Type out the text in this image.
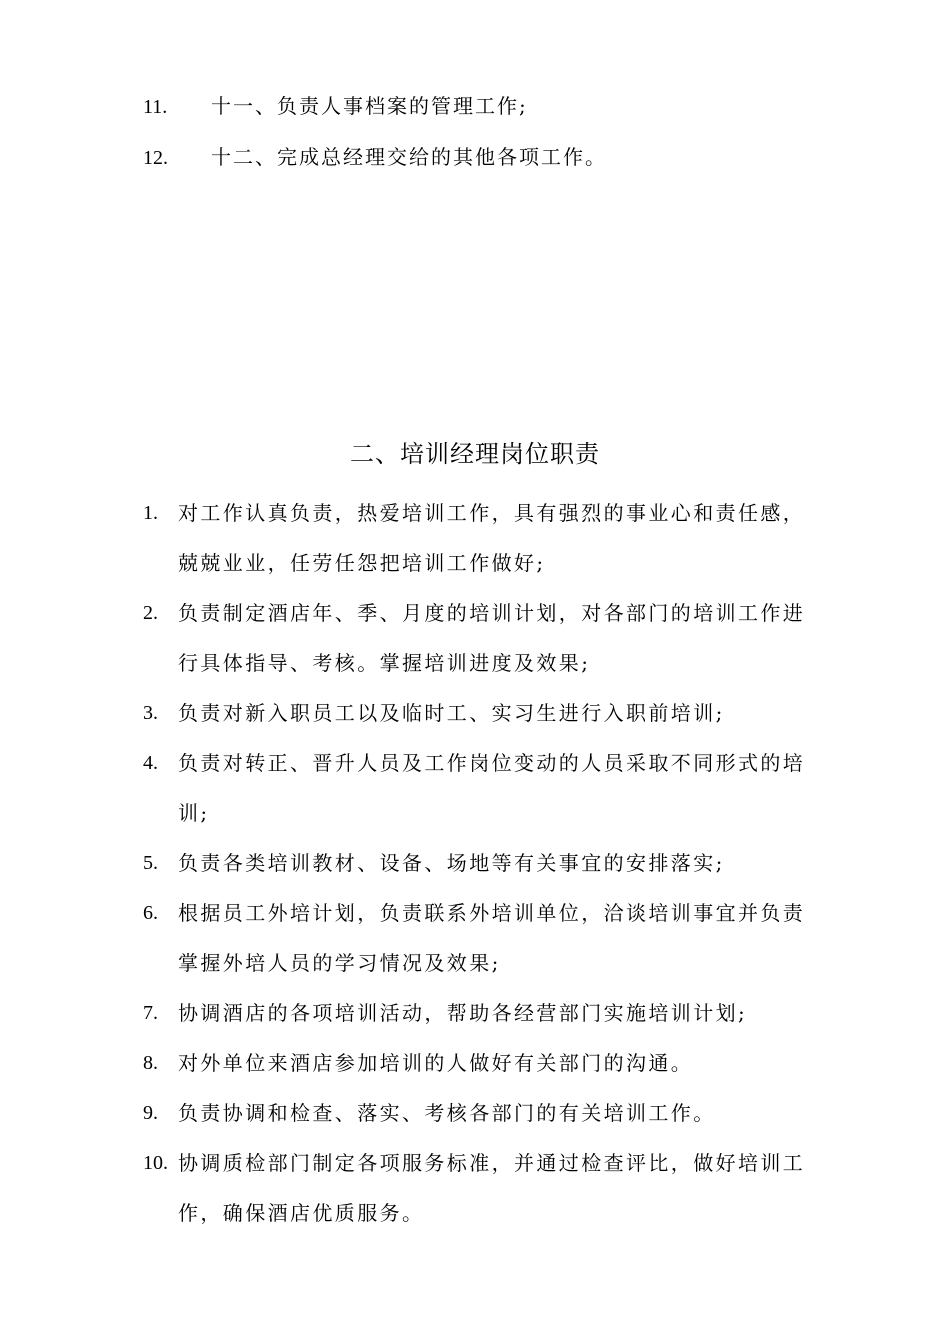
11. 十一、负责人事档案的管理工作;
12. 十二、完成总经理交给的其他各项工作。
二、培训经理岗位职责
1. 对工作认真负责，热爱培训工作，具有强烈的事业心和责任感，兢兢业业，任劳任怨把培训工作做好;
2. 负责制定酒店年、季、月度的培训计划，对各部门的培训工作进行具体指导、考核。掌握培训进度及效果;
3. 负责对新入职员工以及临时工、实习生进行入职前培训;
4. 负责对转正、晋升人员及工作岗位变动的人员采取不同形式的培训;
5. 负责各类培训教材、设备、场地等有关事宜的安排落实;
6. 根据员工外培计划，负责联系外培训单位，洽谈培训事宜并负责掌握外培人员的学习情况及效果;
7. 协调酒店的各项培训活动，帮助各经营部门实施培训计划;
8. 对外单位来酒店参加培训的人做好有关部门的沟通。
9. 负责协调和检查、落实、考核各部门的有关培训工作。
10. 协调质检部门制定各项服务标准，并通过检查评比，做好培训工作，确保酒店优质服务。
